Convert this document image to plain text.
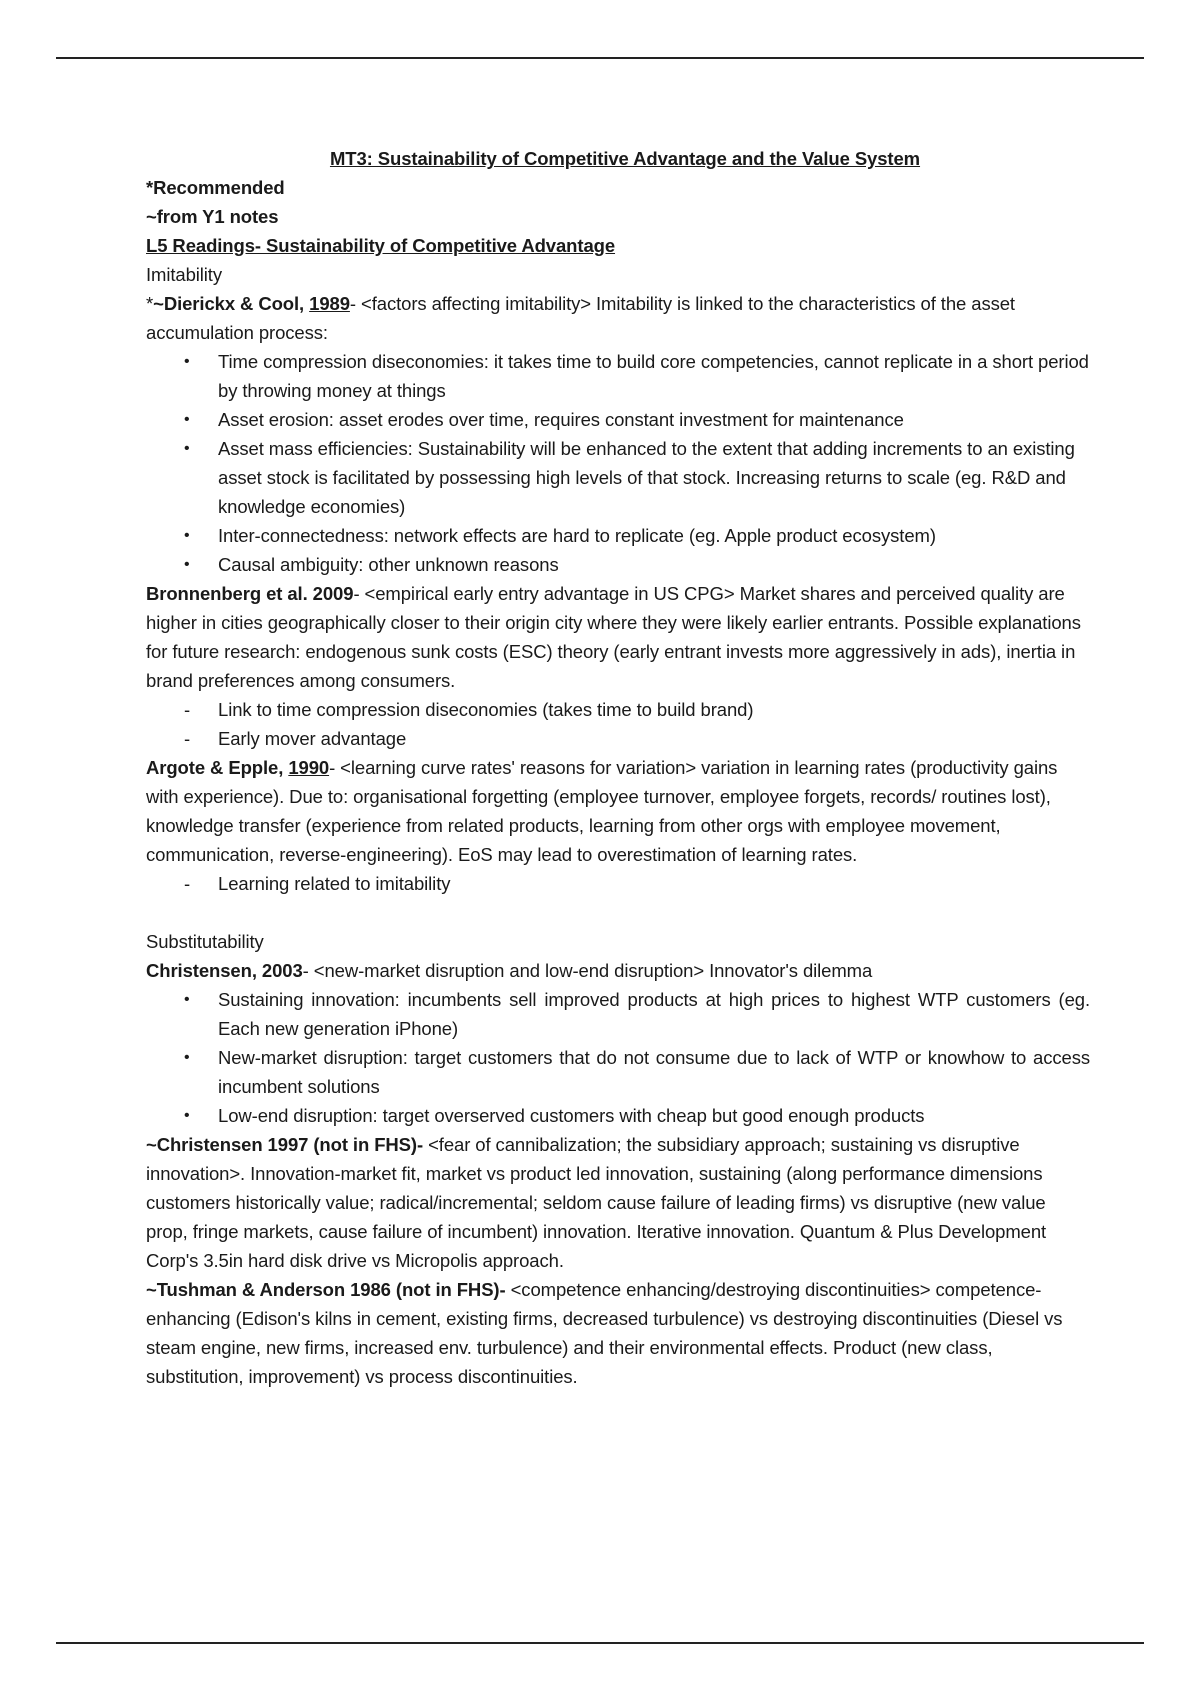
MT3: Sustainability of Competitive Advantage and the Value System

*Recommended

~from Y1 notes

L5 Readings- Sustainability of Competitive Advantage

Imitability

*~Dierickx & Cool, 1989- <factors affecting imitability> Imitability is linked to the characteristics of the asset accumulation process:

•	Time compression diseconomies: it takes time to build core competencies, cannot replicate in a short period by throwing money at things
•	Asset erosion: asset erodes over time, requires constant investment for maintenance
•	Asset mass efficiencies: Sustainability will be enhanced to the extent that adding increments to an existing asset stock is facilitated by possessing high levels of that stock. Increasing returns to scale (eg. R&D and knowledge economies)
•	Inter-connectedness: network effects are hard to replicate (eg. Apple product ecosystem)
•	Causal ambiguity: other unknown reasons

Bronnenberg et al. 2009- <empirical early entry advantage in US CPG> Market shares and perceived quality are higher in cities geographically closer to their origin city where they were likely earlier entrants. Possible explanations for future research: endogenous sunk costs (ESC) theory (early entrant invests more aggressively in ads), inertia in brand preferences among consumers.

-	Link to time compression diseconomies (takes time to build brand)
-	Early mover advantage

Argote & Epple, 1990- <learning curve rates' reasons for variation> variation in learning rates (productivity gains with experience). Due to: organisational forgetting (employee turnover, employee forgets, records/ routines lost), knowledge transfer (experience from related products, learning from other orgs with employee movement, communication, reverse-engineering). EoS may lead to overestimation of learning rates.

-	Learning related to imitability

Substitutability

Christensen, 2003- <new-market disruption and low-end disruption> Innovator's dilemma

•	Sustaining innovation: incumbents sell improved products at high prices to highest WTP customers (eg. Each new generation iPhone)
•	New-market disruption: target customers that do not consume due to lack of WTP or knowhow to access incumbent solutions
•	Low-end disruption: target overserved customers with cheap but good enough products

~Christensen 1997 (not in FHS)- <fear of cannibalization; the subsidiary approach; sustaining vs disruptive innovation>. Innovation-market fit, market vs product led innovation, sustaining (along performance dimensions customers historically value; radical/incremental; seldom cause failure of leading firms) vs disruptive (new value prop, fringe markets, cause failure of incumbent) innovation. Iterative innovation. Quantum & Plus Development Corp's 3.5in hard disk drive vs Micropolis approach.

~Tushman & Anderson 1986 (not in FHS)- <competence enhancing/destroying discontinuities> competence-enhancing (Edison's kilns in cement, existing firms, decreased turbulence) vs destroying discontinuities (Diesel vs steam engine, new firms, increased env. turbulence) and their environmental effects. Product (new class, substitution, improvement) vs process discontinuities.
